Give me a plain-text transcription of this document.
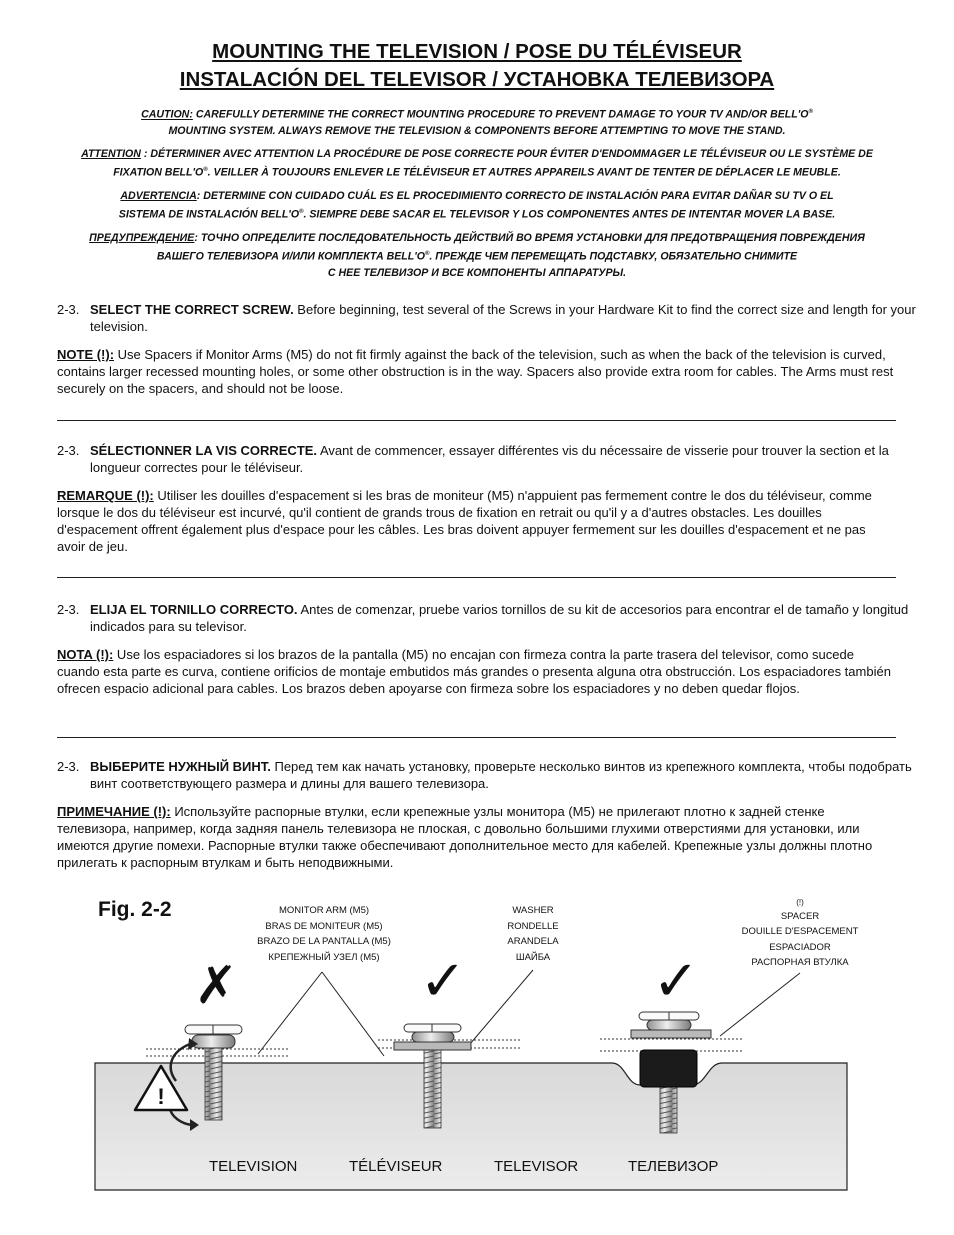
MOUNTING THE TELEVISION / POSE DU TÉLÉVISEUR
INSTALACIÓN DEL TELEVISOR / УСТАНОВКА ТЕЛЕВИЗОРА
CAUTION: CAREFULLY DETERMINE THE CORRECT MOUNTING PROCEDURE TO PREVENT DAMAGE TO YOUR TV AND/OR BELL'O®
MOUNTING SYSTEM. ALWAYS REMOVE THE TELEVISION & COMPONENTS BEFORE ATTEMPTING TO MOVE THE STAND.
ATTENTION : DÉTERMINER AVEC ATTENTION LA PROCÉDURE DE POSE CORRECTE POUR ÉVITER D'ENDOMMAGER LE TÉLÉVISEUR OU LE SYSTÈME DE
FIXATION BELL'O®. VEILLER À TOUJOURS ENLEVER LE TÉLÉVISEUR ET AUTRES APPAREILS AVANT DE TENTER DE DÉPLACER LE MEUBLE.
ADVERTENCIA: DETERMINE CON CUIDADO CUÁL ES EL PROCEDIMIENTO CORRECTO DE INSTALACIÓN PARA EVITAR DAÑAR SU TV O EL
SISTEMA DE INSTALACIÓN BELL'O®. SIEMPRE DEBE SACAR EL TELEVISOR Y LOS COMPONENTES ANTES DE INTENTAR MOVER LA BASE.
ПРЕДУПРЕЖДЕНИЕ: ТОЧНО ОПРЕДЕЛИТЕ ПОСЛЕДОВАТЕЛЬНОСТЬ ДЕЙСТВИЙ ВО ВРЕМЯ УСТАНОВКИ ДЛЯ ПРЕДОТВРАЩЕНИЯ ПОВРЕЖДЕНИЯ
ВАШЕГО ТЕЛЕВИЗОРА И/ИЛИ КОМПЛЕКТА BELL'O®. ПРЕЖДЕ ЧЕМ ПЕРЕМЕЩАТЬ ПОДСТАВКУ, ОБЯЗАТЕЛЬНО СНИМИТЕ
С НЕЕ ТЕЛЕВИЗОР И ВСЕ КОМПОНЕНТЫ АППАРАТУРЫ.
2-3. SELECT THE CORRECT SCREW. Before beginning, test several of the Screws in your Hardware Kit to find the correct size and length for your television.
NOTE (!): Use Spacers if Monitor Arms (M5) do not fit firmly against the back of the television, such as when the back of the television is curved, contains larger recessed mounting holes, or some other obstruction is in the way. Spacers also provide extra room for cables. The Arms must rest securely on the spacers, and should not be loose.
2-3. SÉLECTIONNER LA VIS CORRECTE. Avant de commencer, essayer différentes vis du nécessaire de visserie pour trouver la section et la longueur correctes pour le téléviseur.
REMARQUE (!): Utiliser les douilles d'espacement si les bras de moniteur (M5) n'appuient pas fermement contre le dos du téléviseur, comme lorsque le dos du téléviseur est incurvé, qu'il contient de grands trous de fixation en retrait ou qu'il y a d'autres obstacles. Les douilles d'espacement offrent également plus d'espace pour les câbles. Les bras doivent appuyer fermement sur les douilles d'espacement et ne pas avoir de jeu.
2-3. ELIJA EL TORNILLO CORRECTO. Antes de comenzar, pruebe varios tornillos de su kit de accesorios para encontrar el de tamaño y longitud indicados para su televisor.
NOTA (!): Use los espaciadores si los brazos de la pantalla (M5) no encajan con firmeza contra la parte trasera del televisor, como sucede cuando esta parte es curva, contiene orificios de montaje embutidos más grandes o presenta alguna otra obstrucción. Los espaciadores también ofrecen espacio adicional para cables. Los brazos deben apoyarse con firmeza sobre los espaciadores y no deben quedar flojos.
2-3. ВЫБЕРИТЕ НУЖНЫЙ ВИНТ. Перед тем как начать установку, проверьте несколько винтов из крепежного комплекта, чтобы подобрать винт соответствующего размера и длины для вашего телевизора.
ПРИМЕЧАНИЕ (!): Используйте распорные втулки, если крепежные узлы монитора (M5) не прилегают плотно к задней стенке телевизора, например, когда задняя панель телевизора не плоская, с довольно большими глухими отверстиями для установки, или имеются другие помехи. Распорные втулки также обеспечивают дополнительное место для кабелей. Крепежные узлы должны плотно прилегать к распорным втулкам и быть неподвижными.
Fig. 2-2	MONITOR ARM (M5)
BRAS DE MONITEUR (M5)
BRAZO DE LA PANTALLA (M5)
КРЕПЕЖНЫЙ УЗЕЛ (M5)
WASHER
RONDELLE
ARANDELA
ШАЙБА
(!)
SPACER
DOUILLE D'ESPACEMENT
ESPACIADOR
РАСПОРНАЯ ВТУЛКА
!
✗	✓	✓
TELEVISION	TÉLÉVISEUR	TELEVISOR	ТЕЛЕВИЗОР
